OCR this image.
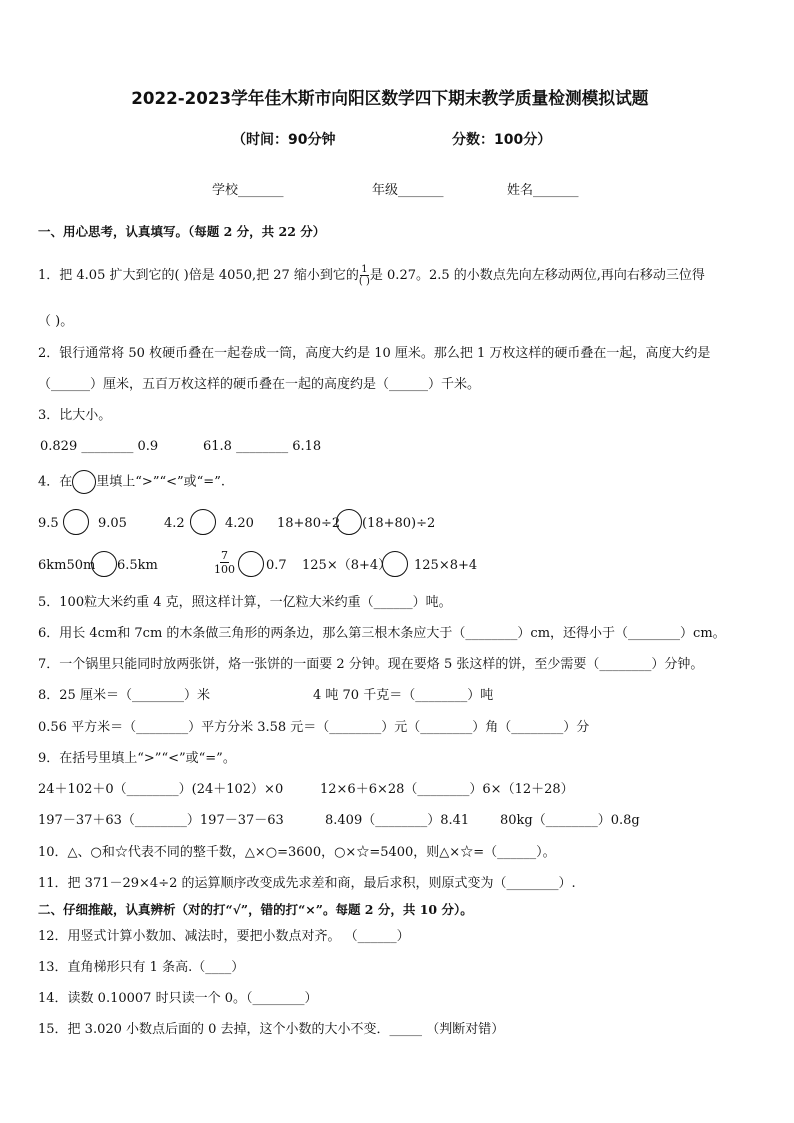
2022-2023学年佳木斯市向阳区数学四下期末教学质量检测模拟试题
（时间：90分钟	分数：100分）
学校_______	年级_______	姓名_______
一、用心思考，认真填写。（每题 2 分，共 22 分）
1．把 4.05 扩大到它的( )倍是 4050,把 27 缩小到它的 $\frac{1}{( )}$ 是 0.27。2.5 的小数点先向左移动两位,再向右移动三位得
（ )。
2．银行通常将 50 枚硬币叠在一起卷成一筒，高度大约是 10 厘米。那么把 1 万枚这样的硬币叠在一起，高度大约是
（______）厘米，五百万枚这样的硬币叠在一起的高度约是（______）千米。
3．比大小。
0.829 ________ 0.9	61.8 ________ 6.18
4．在 里填上“>”“<”或“=”.
9.5	9.05	4.2	4.20 18+80÷2 (18+80)÷2
6km50m 6.5km	$\frac{7}{100} 0.7$ 125×（8+4） 125×8+4
5．100粒大米约重 4 克，照这样计算，一亿粒大米约重（______）吨。
6．用长 4cm和 7cm 的木条做三角形的两条边，那么第三根木条应大于（________）cm，还得小于（________）cm。
7．一个锅里只能同时放两张饼，烙一张饼的一面要 2 分钟。现在要烙 5 张这样的饼，至少需要（________）分钟。
8．25 厘米＝（________）米	4 吨 70 千克＝（________）吨
0.56 平方米＝（________）平方分米 3.58 元＝（________）元（________）角（________）分
9．在括号里填上“>”“<”或“=”。
24＋102＋0（________）(24＋102）×0	12×6＋6×28（________）6×（12＋28）
197－37＋63（________）197－37－63	8.409（________）8.41 80kg（________）0.8g
10．△、○和☆代表不同的整千数，△×○=3600，○×☆=5400，则△×☆=（______）。
11．把 371－29×4÷2 的运算顺序改变成先求差和商，最后求积，则原式变为（________）.
二、仔细推敲，认真辨析（对的打“√”，错的打“×”。每题 2 分，共 10 分）。
12．用竖式计算小数加、减法时，要把小数点对齐。 （______）
13．直角梯形只有 1 条高.（____）
14．读数 0.10007 时只读一个 0。（________）
15．把 3.020 小数点后面的 0 去掉，这个小数的大小不变．_____ （判断对错）
